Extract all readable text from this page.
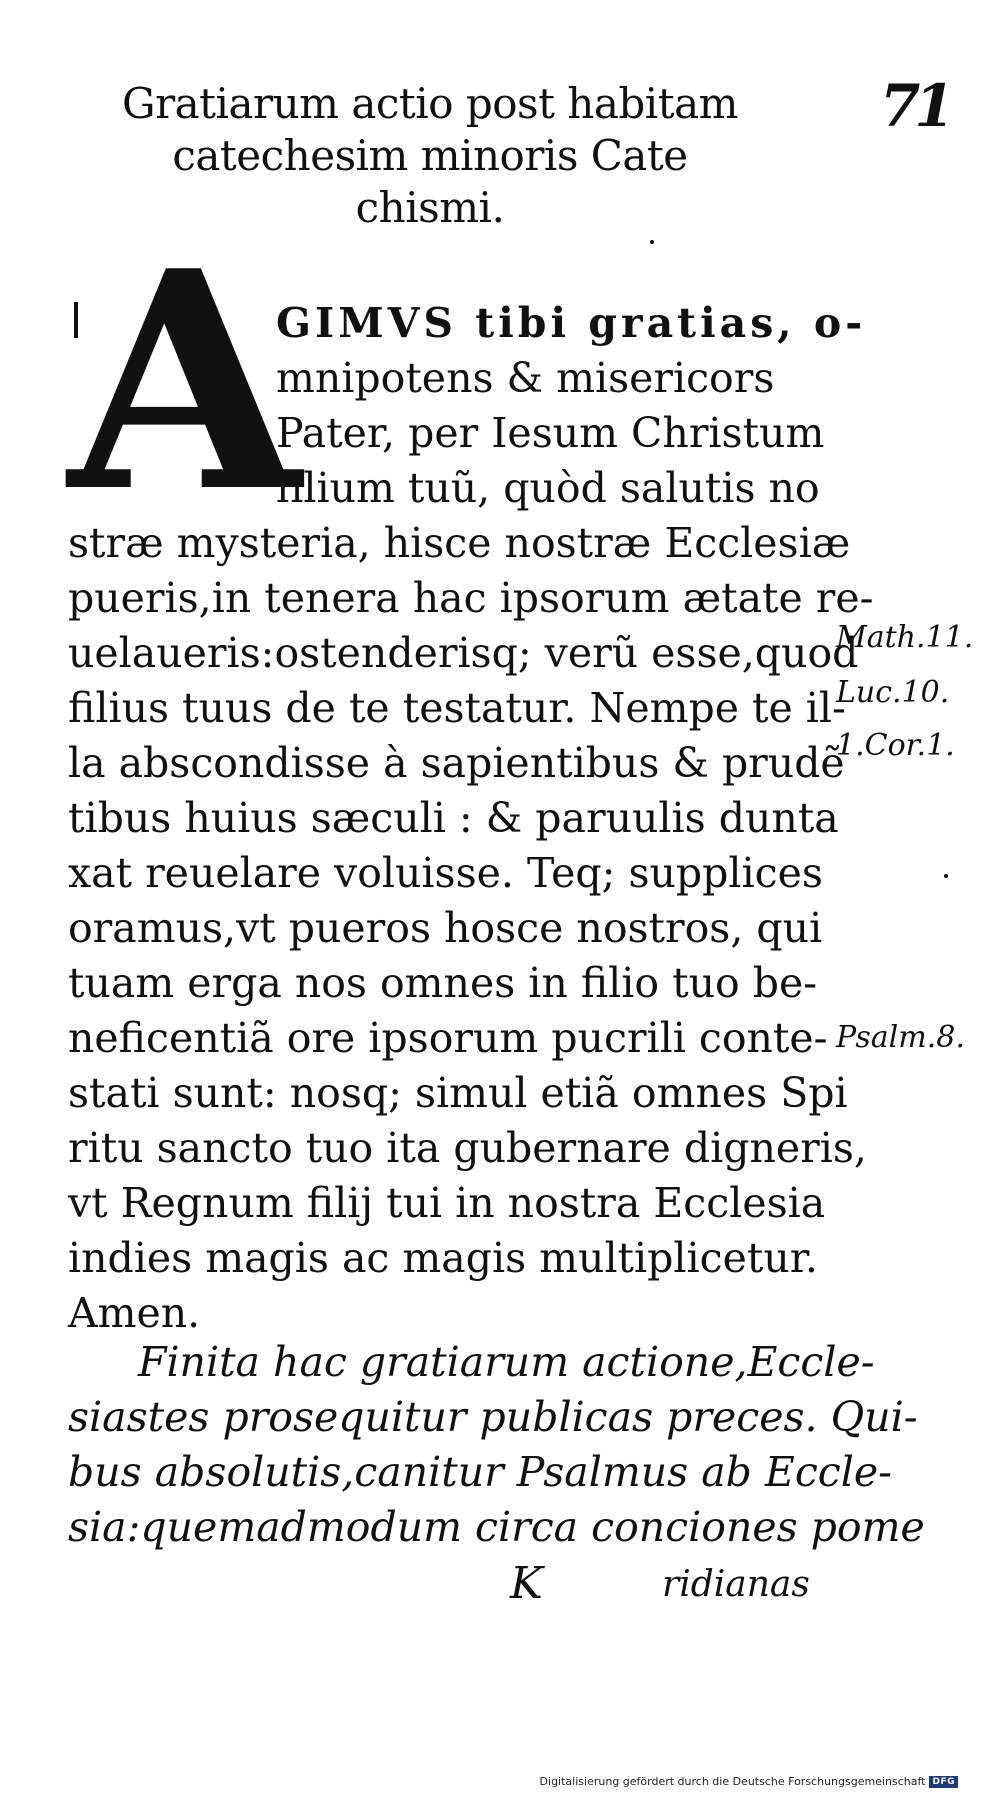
Gratiarum actio post habitam
catechesim minoris Cate
chismi.
71
A
GIMVS tibi gratias, o-
mnipotens & misericors
Pater, per Iesum Christum
filium tuũ, quòd salutis no
stræ mysteria, hisce nostræ Ecclesiæ
pueris,in tenera hac ipsorum ætate re-
uelaueris:ostenderisq; verũ esse,quod
filius tuus de te testatur. Nempe te il-
la abscondisse à sapientibus & prudẽ
tibus huius sæculi : & paruulis dunta
xat reuelare voluisse. Teq; supplices
oramus,vt pueros hosce nostros, qui
tuam erga nos omnes in filio tuo be-
neficentiã ore ipsorum pucrili conte-
stati sunt: nosq; simul etiã omnes Spi
ritu sancto tuo ita gubernare digneris,
vt Regnum filij tui in nostra Ecclesia
indies magis ac magis multiplicetur.
Amen.
Finita hac gratiarum actione,Eccle-
siastes prosequitur publicas preces. Qui-
bus absolutis,canitur Psalmus ab Eccle-
sia:quemadmodum circa conciones pome
Math.11.
Luc.10.
1.Cor.1.
Psalm.8.
K	ridianas
Digitalisierung gefördert durch die Deutsche Forschungsgemeinschaft DFG
